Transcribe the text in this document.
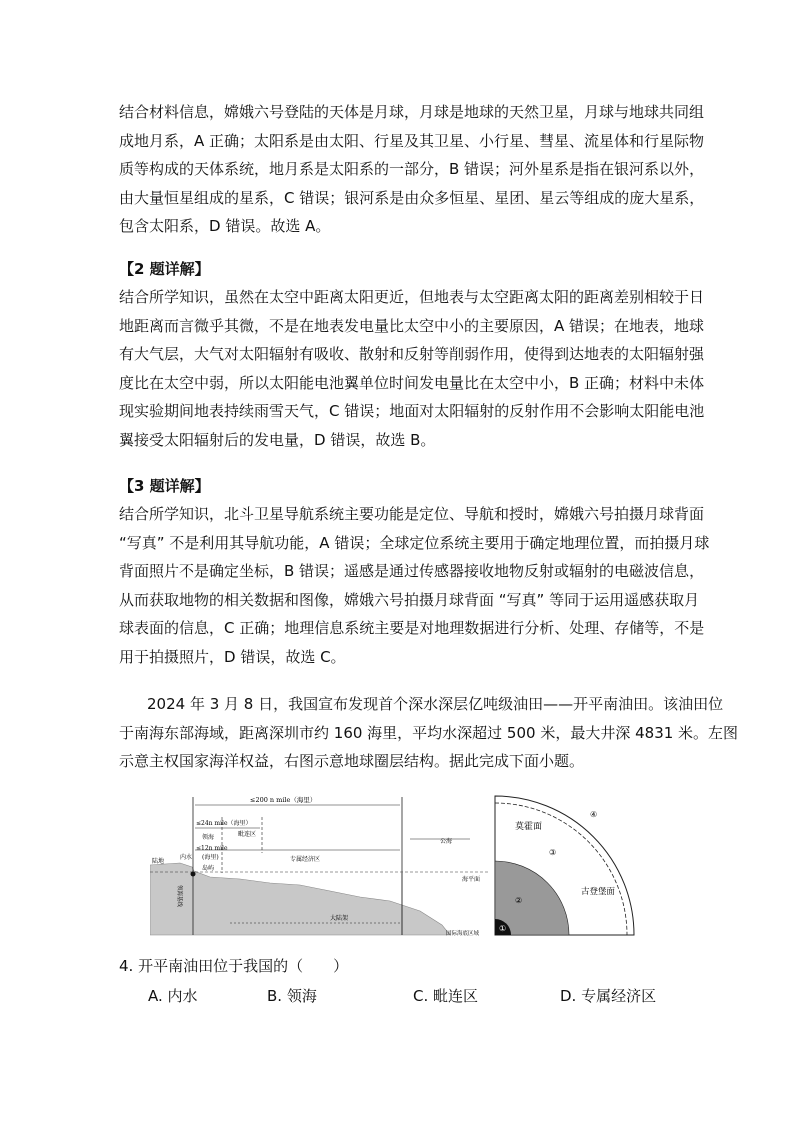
结合材料信息，嫦娥六号登陆的天体是月球，月球是地球的天然卫星，月球与地球共同组
成地月系，A 正确；太阳系是由太阳、行星及其卫星、小行星、彗星、流星体和行星际物
质等构成的天体系统，地月系是太阳系的一部分，B 错误；河外星系是指在银河系以外，
由大量恒星组成的星系，C 错误；银河系是由众多恒星、星团、星云等组成的庞大星系，
包含太阳系，D 错误。故选 A。
【2 题详解】
结合所学知识，虽然在太空中距离太阳更近，但地表与太空距离太阳的距离差别相较于日
地距离而言微乎其微，不是在地表发电量比太空中小的主要原因，A 错误；在地表，地球
有大气层，大气对太阳辐射有吸收、散射和反射等削弱作用，使得到达地表的太阳辐射强
度比在太空中弱，所以太阳能电池翼单位时间发电量比在太空中小，B 正确；材料中未体
现实验期间地表持续雨雪天气，C 错误；地面对太阳辐射的反射作用不会影响太阳能电池
翼接受太阳辐射后的发电量，D 错误，故选 B。
【3 题详解】
结合所学知识，北斗卫星导航系统主要功能是定位、导航和授时，嫦娥六号拍摄月球背面
“写真” 不是利用其导航功能，A 错误；全球定位系统主要用于确定地理位置，而拍摄月球
背面照片不是确定坐标，B 错误；遥感是通过传感器接收地物反射或辐射的电磁波信息，
从而获取地物的相关数据和图像，嫦娥六号拍摄月球背面 “写真” 等同于运用遥感获取月
球表面的信息，C 正确；地理信息系统主要是对地理数据进行分析、处理、存储等，不是
用于拍摄照片，D 错误，故选 C。
2024 年 3 月 8 日，我国宣布发现首个深水深层亿吨级油田——开平南油田。该油田位
于南海东部海域，距离深圳市约 160 海里，平均水深超过 500 米，最大井深 4831 米。左图
示意主权国家海洋权益，右图示意地球圈层结构。据此完成下面小题。
≤200 n mile（海里）
≤24n mile（海里）
领海	毗连区
≤12n mile
(海里)	专属经济区
公海
陆地
内水
岛屿
领海基线
海平面
大陆架
国际海底区域
莫霍面
古登堡面
①
②
③
④
4. 开平南油田位于我国的（　　）
A. 内水	B. 领海	C. 毗连区	D. 专属经济区
